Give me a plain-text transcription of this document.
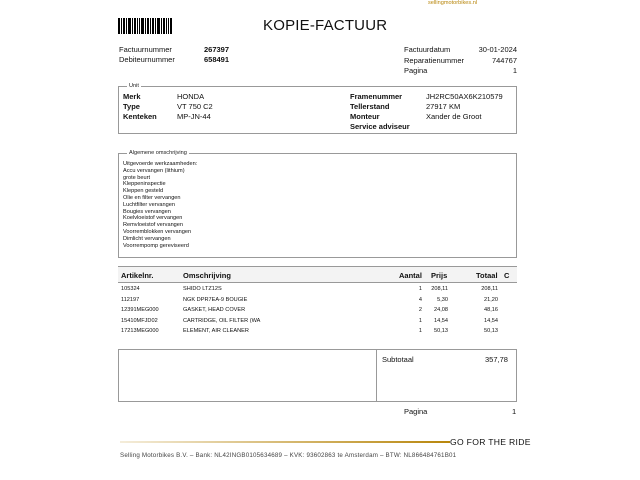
sellingmotorbikes.nl
KOPIE-FACTUUR
Factuurnummer	267397
Debiteurnummer	658491
Factuurdatum	30-01-2024
Reparatienummer	744767
Pagina	1
Unit
Merk	HONDA
Type	VT 750 C2
Kenteken	MP-JN-44
Framenummer	JH2RC50AX6K210579
Tellerstand	27917 KM
Monteur	Xander de Groot
Service adviseur
Algemene omschrijving
Uitgevoerde werkzaamheden:
Accu vervangen (lithium)
grote beurt
Kleppeninspectie
Kleppen gesteld
Olie en filter vervangen
Luchtfilter vervangen
Bougies vervangen
Koelvloeistof vervangen
Remvloeistof vervangen
Voorremblokken vervangen
Dimlicht vervangen
Voorrempomp gereviseerd
Artikelnr.	Omschrijving	Aantal Prijs	Totaal C
105324	SHIDO LTZ12S	1 208,11	208,11
112197	NGK DPR7EA-9 BOUGIE	4	5,30	21,20
12391MEG000	GASKET, HEAD COVER	2 24,08	48,16
15410MFJD02	CARTRIDGE, OIL FILTER (WA	1 14,54	14,54
17213MEG000	ELEMENT, AIR CLEANER	1 50,13	50,13
Subtotaal	357,78
Pagina	1
GO FOR THE RIDE
Selling Motorbikes B.V. – Bank: NL42INGB0105634689 – KVK: 93602863 te Amsterdam – BTW: NL866484761B01
